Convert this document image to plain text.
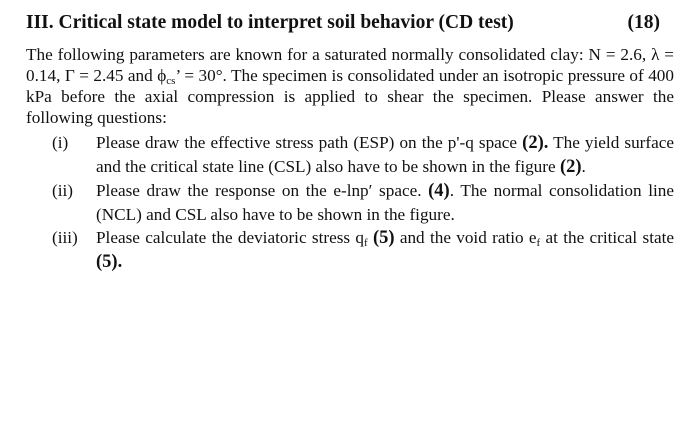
III. Critical state model to interpret soil behavior (CD test)	(18)

The following parameters are known for a saturated normally consolidated clay: N = 2.6, λ = 0.14, Γ = 2.45 and $\phi_{cs}$’ = 30°. The specimen is consolidated under an isotropic pressure of 400 kPa before the axial compression is applied to shear the specimen. Please answer the following questions:

(i)	Please draw the effective stress path (ESP) on the p'-q space (2). The yield surface and the critical state line (CSL) also have to be shown in the figure (2).
(ii)	Please draw the response on the e-lnp′ space. (4). The normal consolidation line (NCL) and CSL also have to be shown in the figure.
(iii)	Please calculate the deviatoric stress $q_f$ (5) and the void ratio $e_f$ at the critical state (5).
